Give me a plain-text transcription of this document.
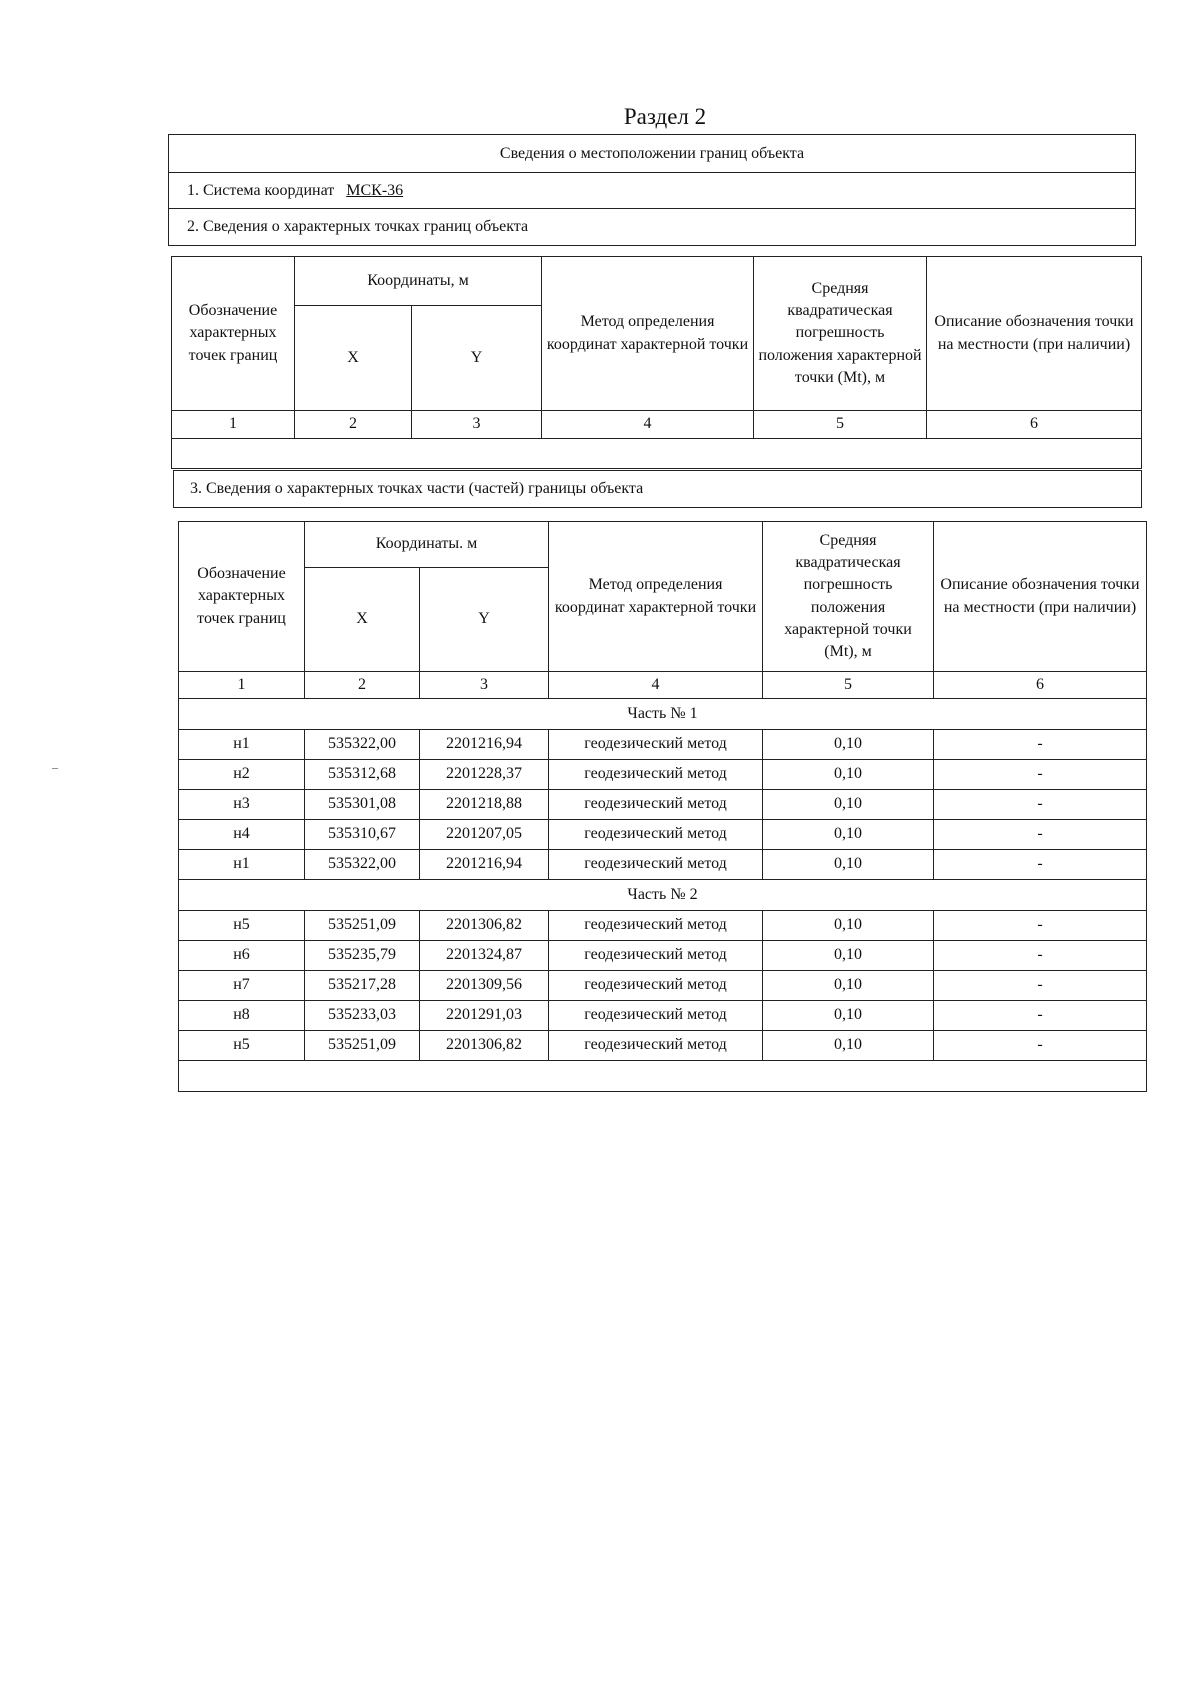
Раздел 2
Сведения о местоположении границ объекта
1. Система координат МСК-36
2. Сведения о характерных точках границ объекта
Обозначение характерных точек границ	Координаты, м		Метод определения координат характерной точки	Средняя квадратическая погрешность положения характерной точки (Mt), м	Описание обозначения точки на местности (при наличии)
	X	Y			
1	2	3	4	5	6

3. Сведения о характерных точках части (частей) границы объекта
Обозначение характерных точек границ	Координаты. м		Метод определения координат характерной точки	Средняя квадратическая погрешность положения характерной точки (Mt), м	Описание обозначения точки на местности (при наличии)
	X	Y			
1	2	3	4	5	6
Часть № 1					
н1	535322,00	2201216,94	геодезический метод	0,10	-
н2	535312,68	2201228,37	геодезический метод	0,10	-
н3	535301,08	2201218,88	геодезический метод	0,10	-
н4	535310,67	2201207,05	геодезический метод	0,10	-
н1	535322,00	2201216,94	геодезический метод	0,10	-
Часть № 2					
н5	535251,09	2201306,82	геодезический метод	0,10	-
н6	535235,79	2201324,87	геодезический метод	0,10	-
н7	535217,28	2201309,56	геодезический метод	0,10	-
н8	535233,03	2201291,03	геодезический метод	0,10	-
н5	535251,09	2201306,82	геодезический метод	0,10	-

–
